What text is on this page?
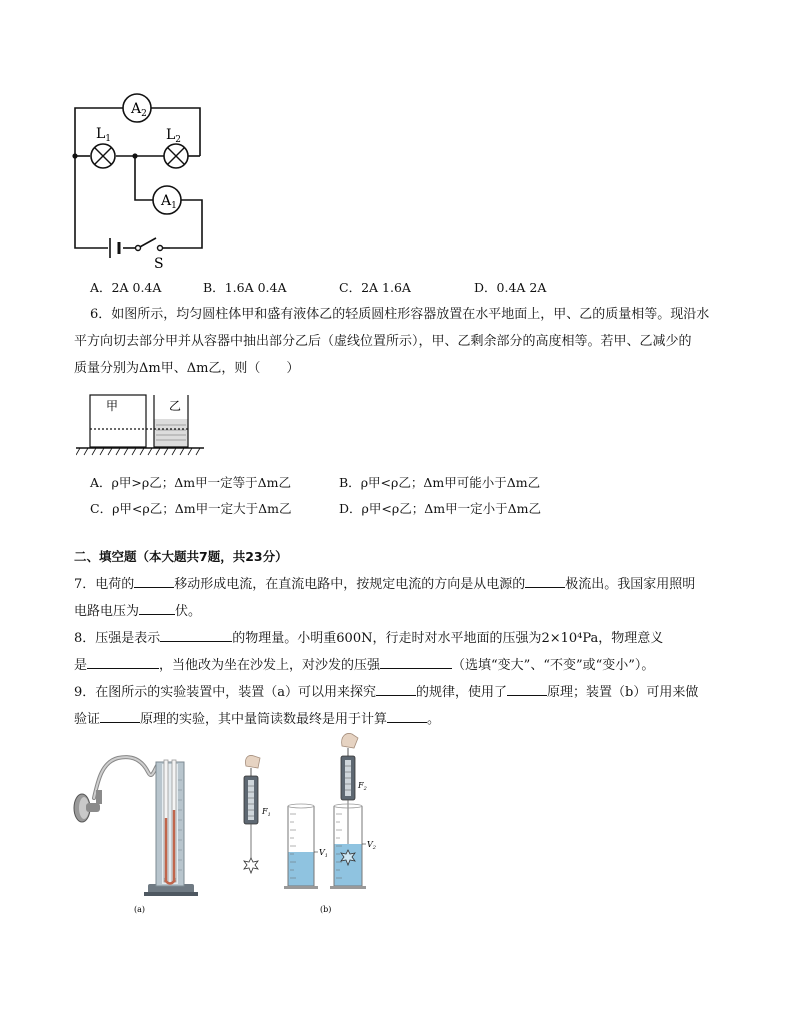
$A_2$
$A_1$
$L_1$	$L_2$
S
A．2A 0.4A	B．1.6A 0.4A	C．2A 1.6A	D．0.4A 2A
6．如图所示，均匀圆柱体甲和盛有液体乙的轻质圆柱形容器放置在水平地面上，甲、乙的质量相等。现沿水
平方向切去部分甲并从容器中抽出部分乙后（虚线位置所示），甲、乙剩余部分的高度相等。若甲、乙减少的
质量分别为Δm甲、Δm乙，则（　　）
甲	乙
A．ρ甲>ρ乙；Δm甲一定等于Δm乙	B．ρ甲<ρ乙；Δm甲可能小于Δm乙
C．ρ甲<ρ乙；Δm甲一定大于Δm乙	D．ρ甲<ρ乙；Δm甲一定小于Δm乙
二、填空题（本大题共7题，共23分）
7．电荷的	移动形成电流，在直流电路中，按规定电流的方向是从电源的	极流出。我国家用照明
电路电压为	伏。
8．压强是表示	的物理量。小明重600N，行走时对水平地面的压强为2×10⁴Pa，物理意义
是	，当他改为坐在沙发上，对沙发的压强	（选填“变大”、“不变”或“变小”）。
9．在图所示的实验装置中，装置（a）可以用来探究	的规律，使用了	原理；装置（b）可用来做
验证	原理的实验，其中量筒读数最终是用于计算	。
(a)
$F_1$
$V_1$
$F_2$
$V_2$
(b)
